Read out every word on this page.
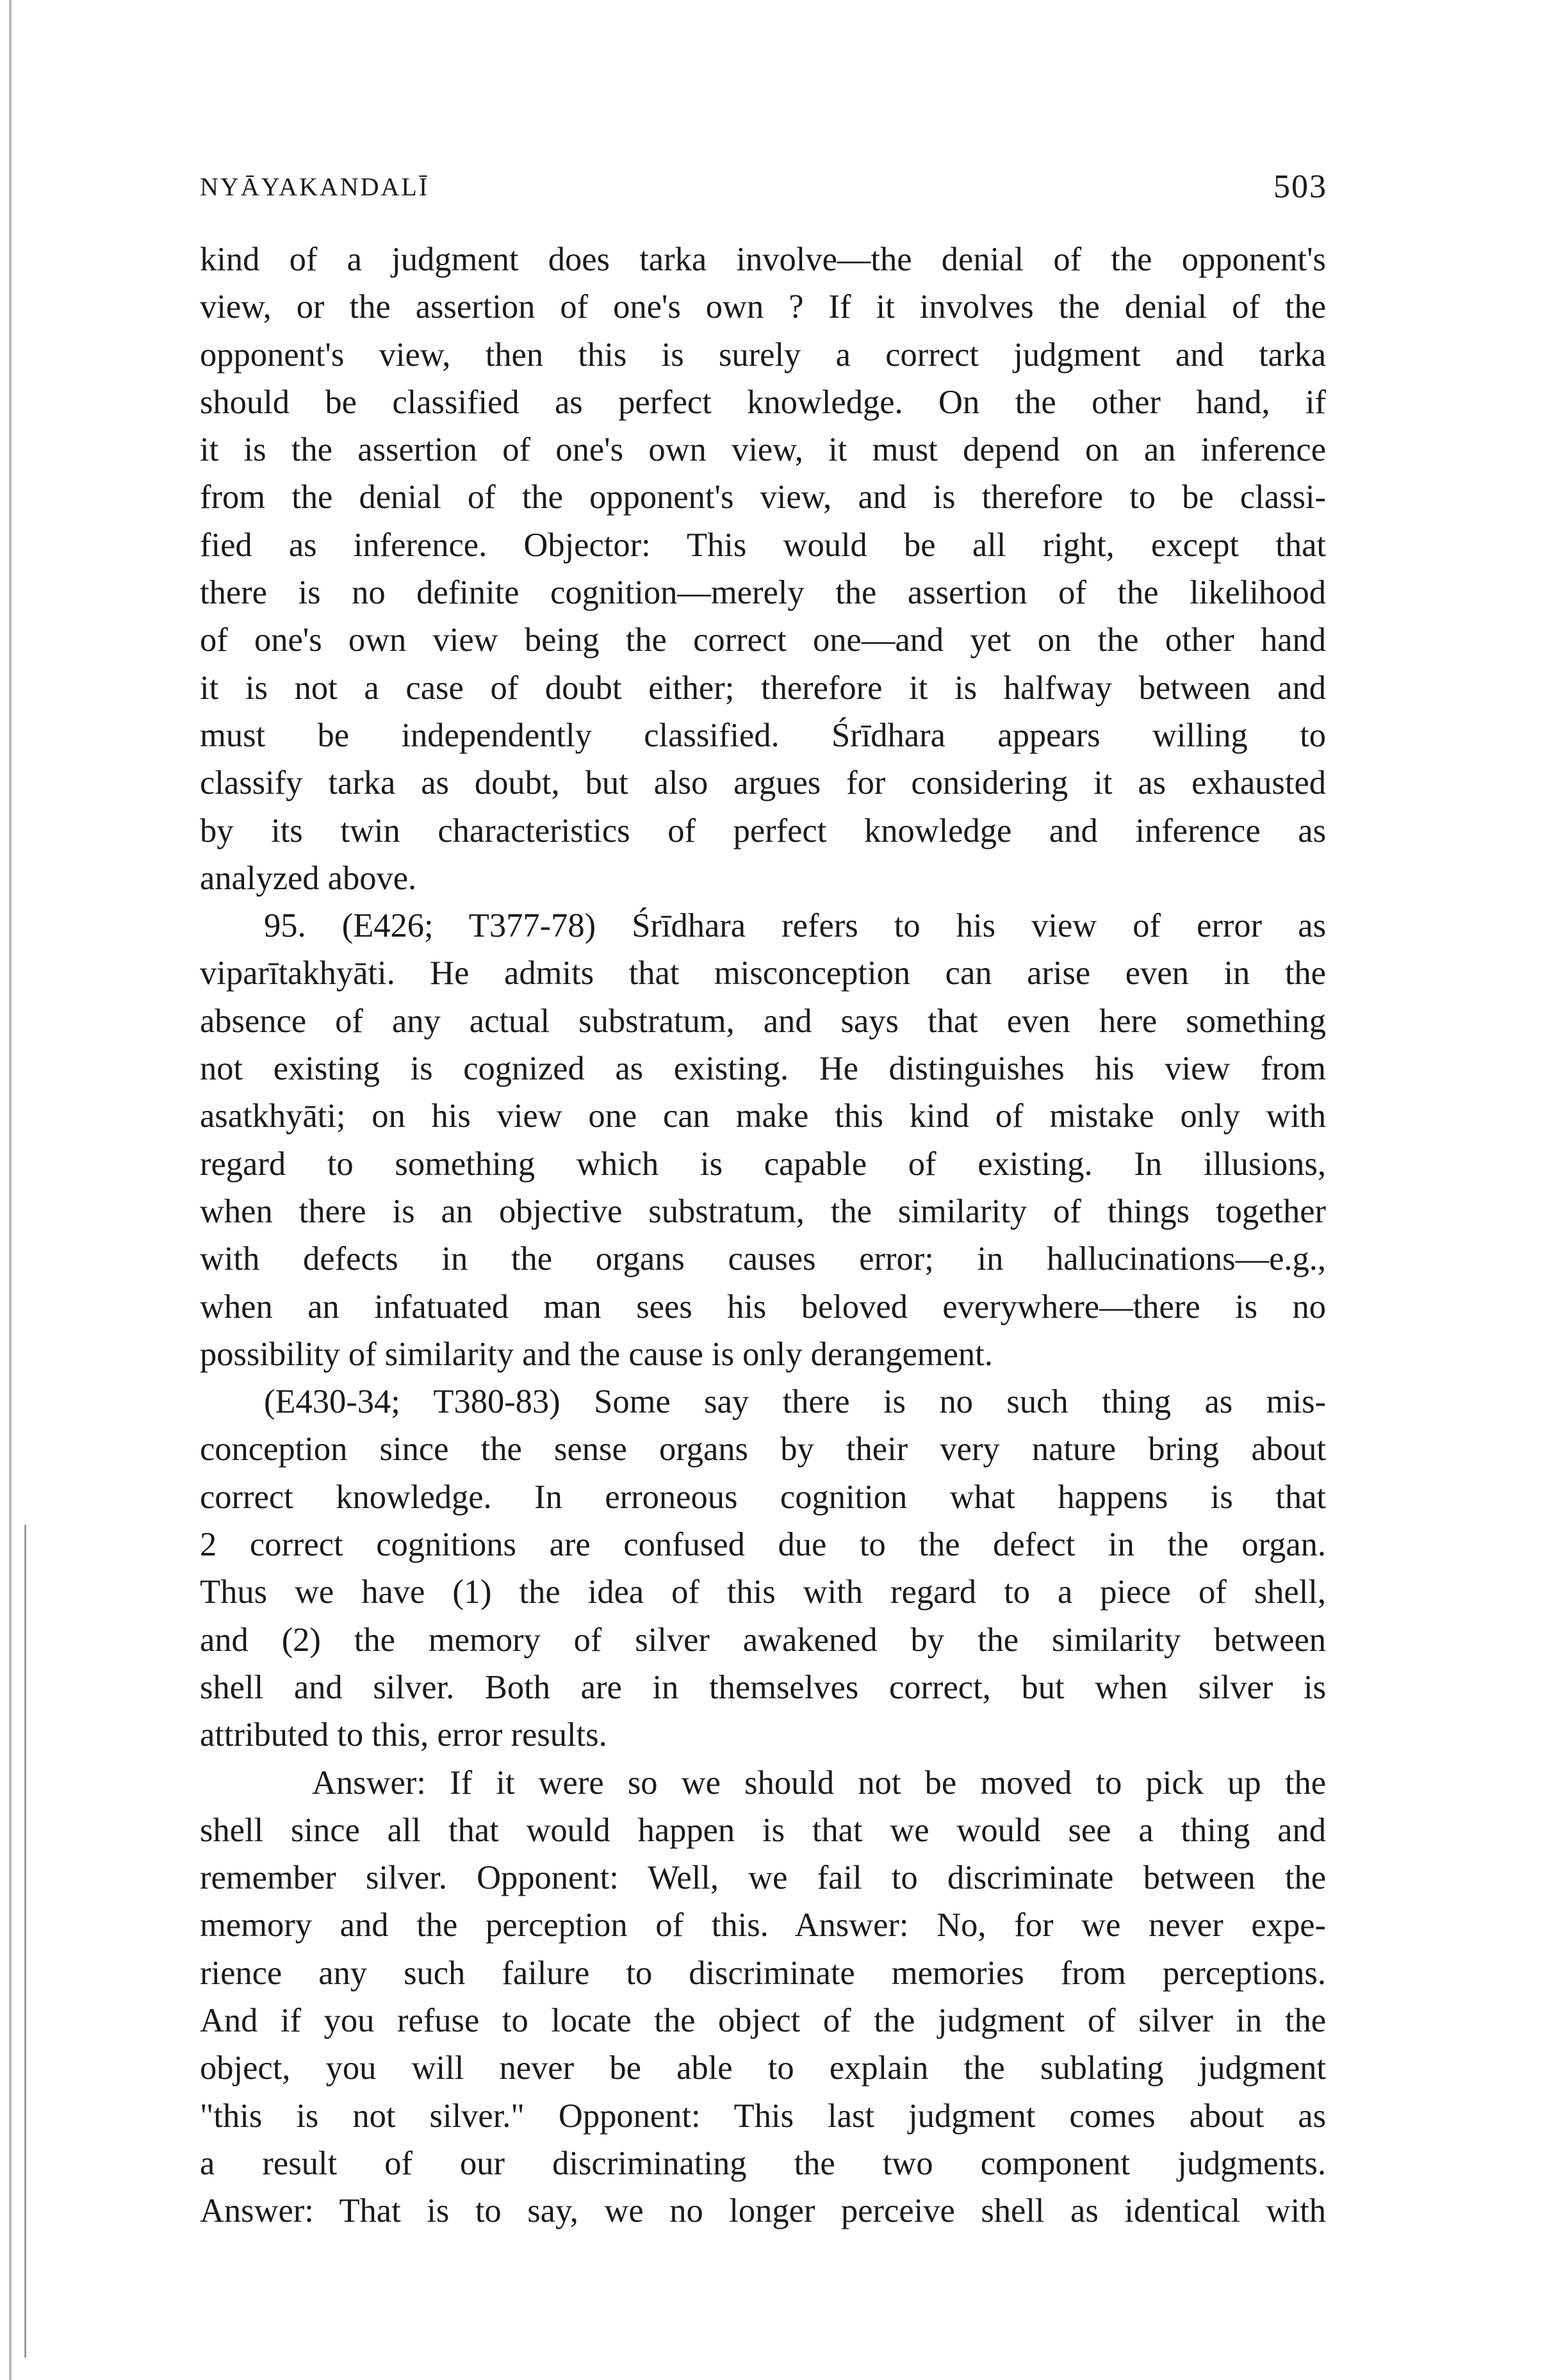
NYĀYAKANDALĪ	503
kind of a judgment does tarka involve—the denial of the opponent's
view, or the assertion of one's own ? If it involves the denial of the
opponent's view, then this is surely a correct judgment and tarka
should be classified as perfect knowledge. On the other hand, if
it is the assertion of one's own view, it must depend on an inference
from the denial of the opponent's view, and is therefore to be classi-
fied as inference. Objector: This would be all right, except that
there is no definite cognition—merely the assertion of the likelihood
of one's own view being the correct one—and yet on the other hand
it is not a case of doubt either; therefore it is halfway between and
must be independently classified. Śrīdhara appears willing to
classify tarka as doubt, but also argues for considering it as exhausted
by its twin characteristics of perfect knowledge and inference as
analyzed above.
95. (E426; T377-78) Śrīdhara refers to his view of error as
viparītakhyāti. He admits that misconception can arise even in the
absence of any actual substratum, and says that even here something
not existing is cognized as existing. He distinguishes his view from
asatkhyāti; on his view one can make this kind of mistake only with
regard to something which is capable of existing. In illusions,
when there is an objective substratum, the similarity of things together
with defects in the organs causes error; in hallucinations—e.g.,
when an infatuated man sees his beloved everywhere—there is no
possibility of similarity and the cause is only derangement.
(E430-34; T380-83) Some say there is no such thing as mis-
conception since the sense organs by their very nature bring about
correct knowledge. In erroneous cognition what happens is that
2 correct cognitions are confused due to the defect in the organ.
Thus we have (1) the idea of this with regard to a piece of shell,
and (2) the memory of silver awakened by the similarity between
shell and silver. Both are in themselves correct, but when silver is
attributed to this, error results.
Answer: If it were so we should not be moved to pick up the
shell since all that would happen is that we would see a thing and
remember silver. Opponent: Well, we fail to discriminate between the
memory and the perception of this. Answer: No, for we never expe-
rience any such failure to discriminate memories from perceptions.
And if you refuse to locate the object of the judgment of silver in the
object, you will never be able to explain the sublating judgment
"this is not silver." Opponent: This last judgment comes about as
a result of our discriminating the two component judgments.
Answer: That is to say, we no longer perceive shell as identical with
